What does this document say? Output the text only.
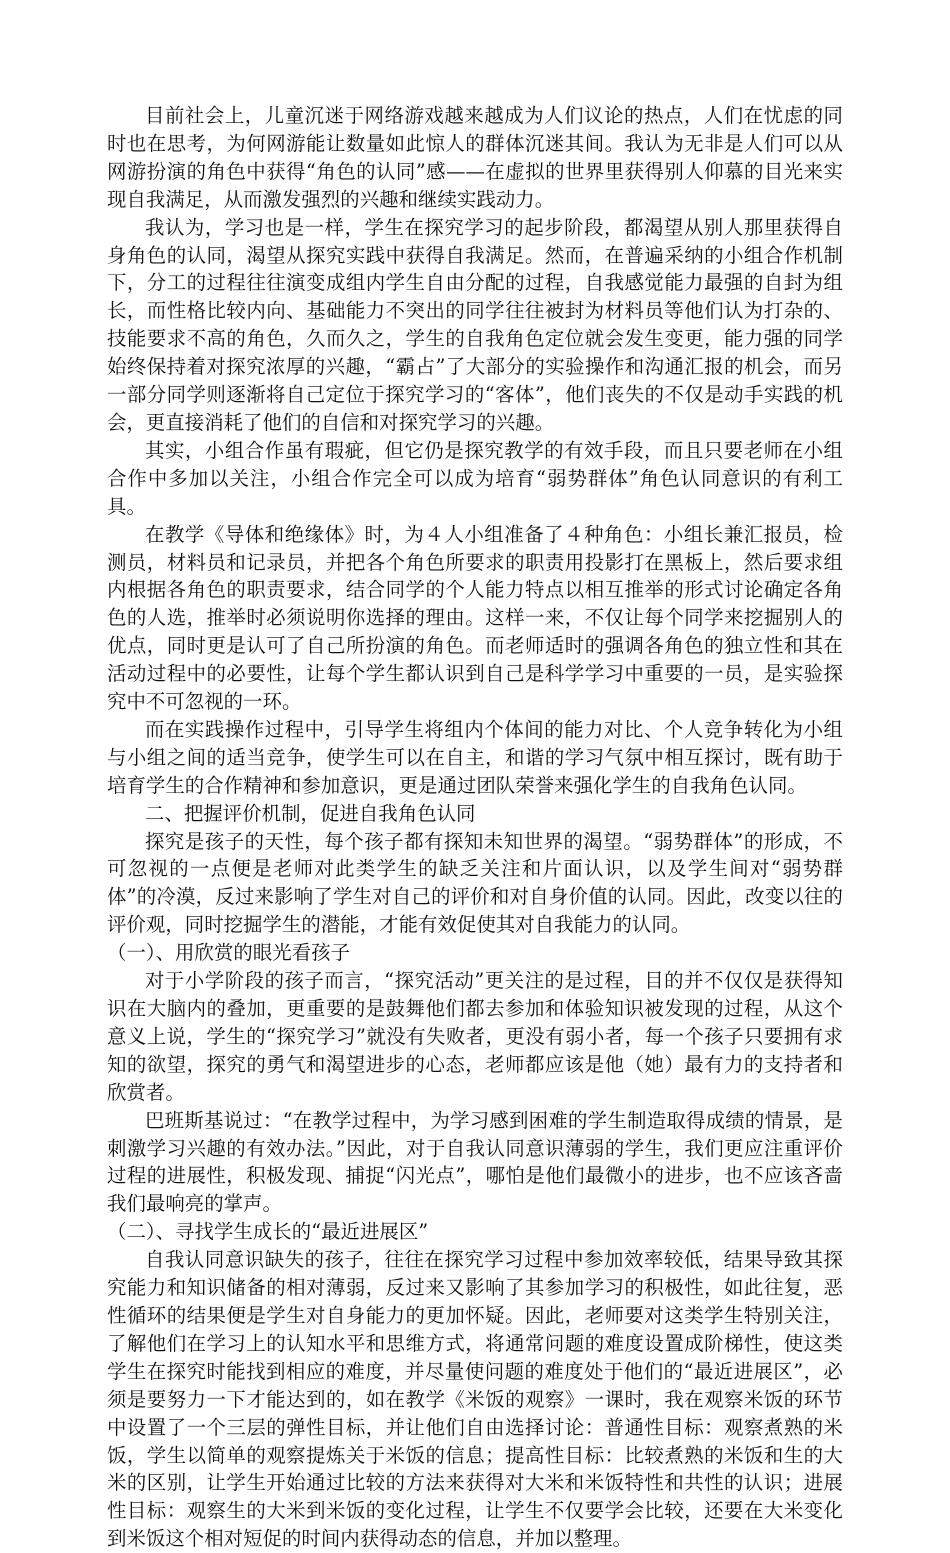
目前社会上，儿童沉迷于网络游戏越来越成为人们议论的热点，人们在忧虑的同时也在思考，为何网游能让数量如此惊人的群体沉迷其间。我认为无非是人们可以从网游扮演的角色中获得“角色的认同”感——在虚拟的世界里获得别人仰慕的目光来实现自我满足，从而激发强烈的兴趣和继续实践动力。

我认为，学习也是一样，学生在探究学习的起步阶段，都渴望从别人那里获得自身角色的认同，渴望从探究实践中获得自我满足。然而，在普遍采纳的小组合作机制下，分工的过程往往演变成组内学生自由分配的过程，自我感觉能力最强的自封为组长，而性格比较内向、基础能力不突出的同学往往被封为材料员等他们认为打杂的、技能要求不高的角色，久而久之，学生的自我角色定位就会发生变更，能力强的同学始终保持着对探究浓厚的兴趣，“霸占”了大部分的实验操作和沟通汇报的机会，而另一部分同学则逐渐将自己定位于探究学习的“客体”，他们丧失的不仅是动手实践的机会，更直接消耗了他们的自信和对探究学习的兴趣。

其实，小组合作虽有瑕疵，但它仍是探究教学的有效手段，而且只要老师在小组合作中多加以关注，小组合作完全可以成为培育“弱势群体”角色认同意识的有利工具。

在教学《导体和绝缘体》时，为４人小组准备了４种角色：小组长兼汇报员，检测员，材料员和记录员，并把各个角色所要求的职责用投影打在黑板上，然后要求组内根据各角色的职责要求，结合同学的个人能力特点以相互推举的形式讨论确定各角色的人选，推举时必须说明你选择的理由。这样一来，不仅让每个同学来挖掘别人的优点，同时更是认可了自己所扮演的角色。而老师适时的强调各角色的独立性和其在活动过程中的必要性，让每个学生都认识到自己是科学学习中重要的一员，是实验探究中不可忽视的一环。

而在实践操作过程中，引导学生将组内个体间的能力对比、个人竞争转化为小组与小组之间的适当竞争，使学生可以在自主，和谐的学习气氛中相互探讨，既有助于培育学生的合作精神和参加意识，更是通过团队荣誉来强化学生的自我角色认同。

二、把握评价机制，促进自我角色认同

探究是孩子的天性，每个孩子都有探知未知世界的渴望。“弱势群体”的形成，不可忽视的一点便是老师对此类学生的缺乏关注和片面认识，以及学生间对“弱势群体”的冷漠，反过来影响了学生对自己的评价和对自身价值的认同。因此，改变以往的评价观，同时挖掘学生的潜能，才能有效促使其对自我能力的认同。

（一）、用欣赏的眼光看孩子

对于小学阶段的孩子而言，“探究活动”更关注的是过程，目的并不仅仅是获得知识在大脑内的叠加，更重要的是鼓舞他们都去参加和体验知识被发现的过程，从这个意义上说，学生的“探究学习”就没有失败者，更没有弱小者，每一个孩子只要拥有求知的欲望，探究的勇气和渴望进步的心态，老师都应该是他（她）最有力的支持者和欣赏者。

巴班斯基说过：“在教学过程中，为学习感到困难的学生制造取得成绩的情景，是刺激学习兴趣的有效办法。”因此，对于自我认同意识薄弱的学生，我们更应注重评价过程的进展性，积极发现、捕捉“闪光点”，哪怕是他们最微小的进步，也不应该吝啬我们最响亮的掌声。

（二）、寻找学生成长的“最近进展区”

自我认同意识缺失的孩子，往往在探究学习过程中参加效率较低，结果导致其探究能力和知识储备的相对薄弱，反过来又影响了其参加学习的积极性，如此往复，恶性循环的结果便是学生对自身能力的更加怀疑。因此，老师要对这类学生特别关注，了解他们在学习上的认知水平和思维方式，将通常问题的难度设置成阶梯性，使这类学生在探究时能找到相应的难度，并尽量使问题的难度处于他们的“最近进展区”，必须是要努力一下才能达到的，如在教学《米饭的观察》一课时，我在观察米饭的环节中设置了一个三层的弹性目标，并让他们自由选择讨论：普通性目标：观察煮熟的米饭，学生以简单的观察提炼关于米饭的信息；提高性目标：比较煮熟的米饭和生的大米的区别，让学生开始通过比较的方法来获得对大米和米饭特性和共性的认识；进展性目标：观察生的大米到米饭的变化过程，让学生不仅要学会比较，还要在大米变化到米饭这个相对短促的时间内获得动态的信息，并加以整理。
